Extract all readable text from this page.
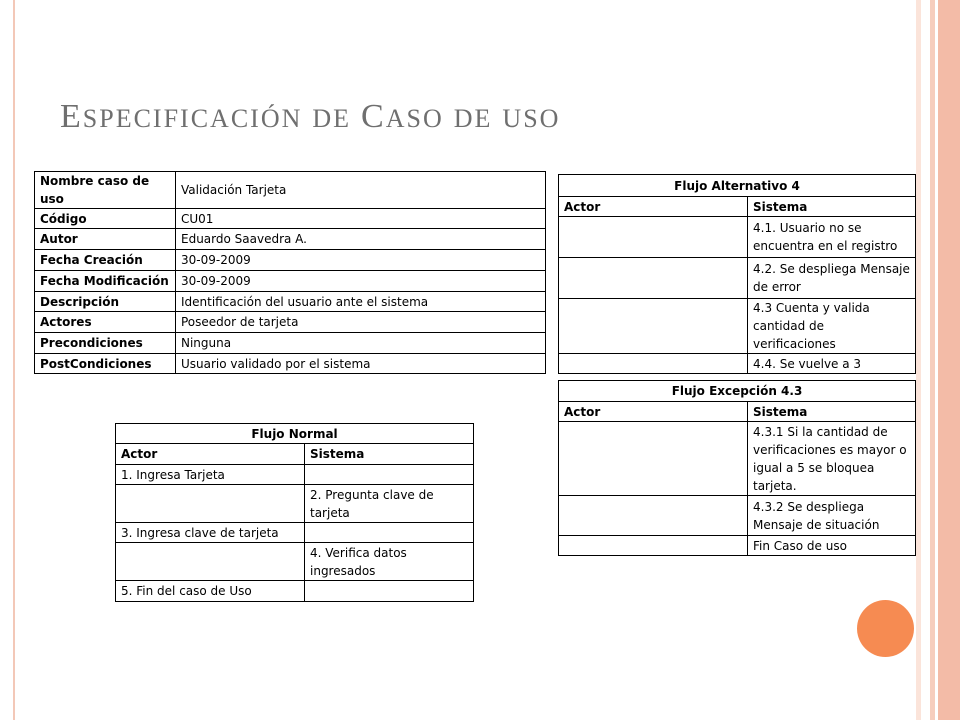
ESPECIFICACIÓN DE CASO DE USO
Nombre caso de uso	Validación Tarjeta
Código	CU01
Autor	Eduardo Saavedra A.
Fecha Creación	30-09-2009
Fecha Modificación	30-09-2009
Descripción	Identificación del usuario ante el sistema
Actores	Poseedor de tarjeta
Precondiciones	Ninguna
PostCondiciones	Usuario validado por el sistema
Flujo Normal	
Actor	Sistema
1. Ingresa Tarjeta	
	2. Pregunta clave de tarjeta
3. Ingresa clave de tarjeta	
	4. Verifica datos ingresados
5. Fin del caso de Uso	
Flujo Alternativo 4	
Actor	Sistema
	4.1. Usuario no se encuentra en el registro
	4.2. Se despliega Mensaje de error
	4.3 Cuenta y valida cantidad de verificaciones
	4.4. Se vuelve a 3
Flujo Excepción 4.3	
Actor	Sistema
	4.3.1 Si la cantidad de verificaciones es mayor o igual a 5 se bloquea tarjeta.
	4.3.2 Se despliega Mensaje de situación
	Fin Caso de uso
